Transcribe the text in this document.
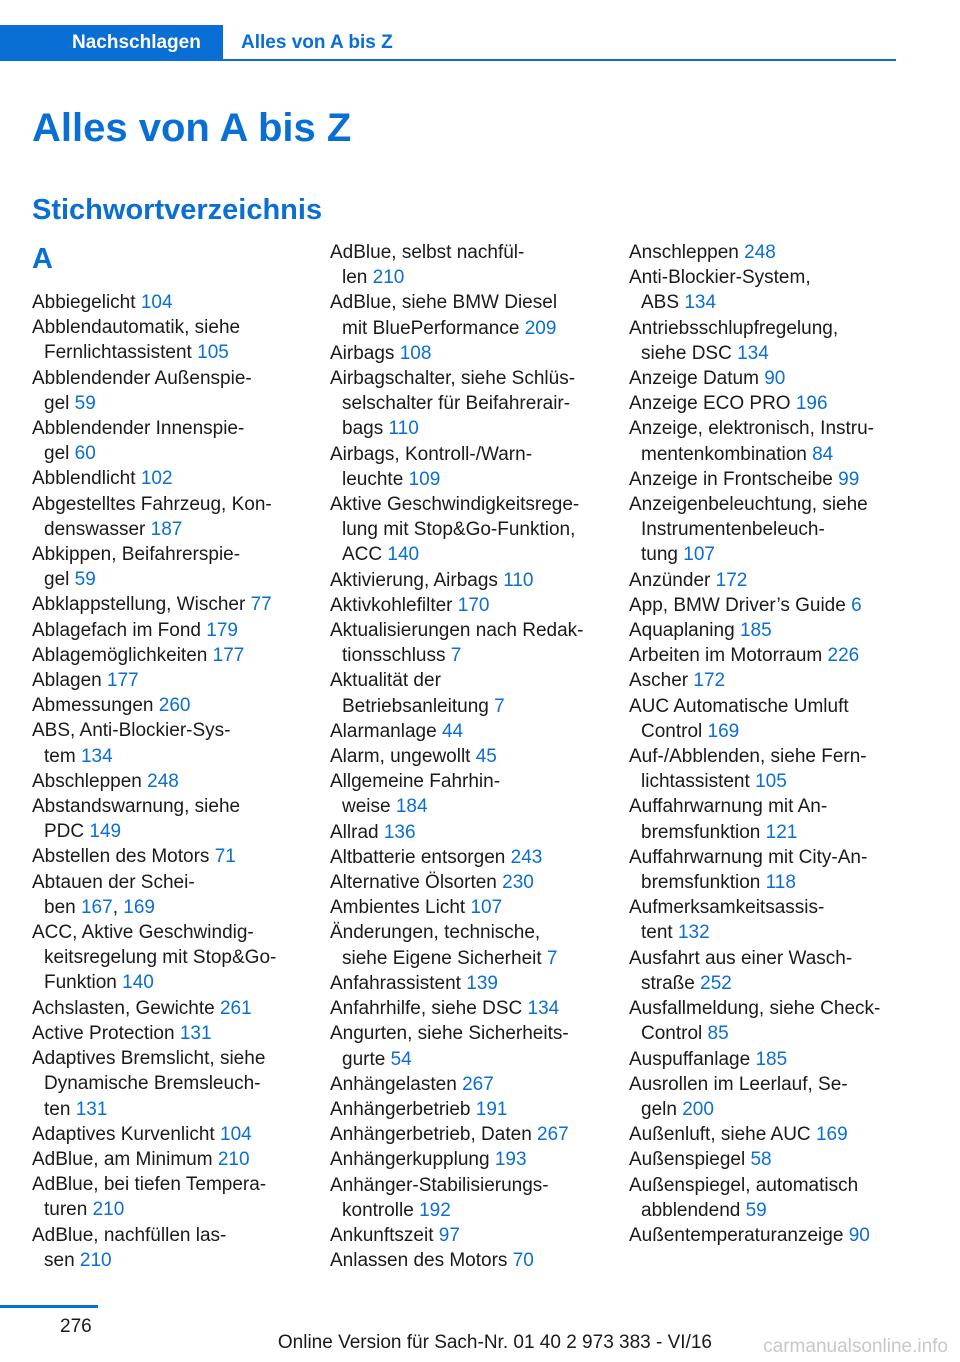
Nachschlagen	Alles von A bis Z
Alles von A bis Z
Stichwortverzeichnis
A
Abbiegelicht 104
Abblendautomatik, siehe
Fernlichtassistent 105
Abblendender Außenspie‐
gel 59
Abblendender Innenspie‐
gel 60
Abblendlicht 102
Abgestelltes Fahrzeug, Kon‐
denswasser 187
Abkippen, Beifahrerspie‐
gel 59
Abklappstellung, Wischer 77
Ablagefach im Fond 179
Ablagemöglichkeiten 177
Ablagen 177
Abmessungen 260
ABS, Anti-Blockier-Sys‐
tem 134
Abschleppen 248
Abstandswarnung, siehe
PDC 149
Abstellen des Motors 71
Abtauen der Schei‐
ben 167, 169
ACC, Aktive Geschwindig‐
keitsregelung mit Stop&Go-
Funktion 140
Achslasten, Gewichte 261
Active Protection 131
Adaptives Bremslicht, siehe
Dynamische Bremsleuch‐
ten 131
Adaptives Kurvenlicht 104
AdBlue, am Minimum 210
AdBlue, bei tiefen Tempera‐
turen 210
AdBlue, nachfüllen las‐
sen 210
AdBlue, selbst nachfül‐
len 210
AdBlue, siehe BMW Diesel
mit BluePerformance 209
Airbags 108
Airbagschalter, siehe Schlüs‐
selschalter für Beifahrerair‐
bags 110
Airbags, Kontroll-/Warn‐
leuchte 109
Aktive Geschwindigkeitsrege‐
lung mit Stop&Go-Funktion,
ACC 140
Aktivierung, Airbags 110
Aktivkohlefilter 170
Aktualisierungen nach Redak‐
tionsschluss 7
Aktualität der
Betriebsanleitung 7
Alarmanlage 44
Alarm, ungewollt 45
Allgemeine Fahrhin‐
weise 184
Allrad 136
Altbatterie entsorgen 243
Alternative Ölsorten 230
Ambientes Licht 107
Änderungen, technische,
siehe Eigene Sicherheit 7
Anfahrassistent 139
Anfahrhilfe, siehe DSC 134
Angurten, siehe Sicherheits‐
gurte 54
Anhängelasten 267
Anhängerbetrieb 191
Anhängerbetrieb, Daten 267
Anhängerkupplung 193
Anhänger-Stabilisierungs‐
kontrolle 192
Ankunftszeit 97
Anlassen des Motors 70
Anschleppen 248
Anti-Blockier-System,
ABS 134
Antriebsschlupfregelung,
siehe DSC 134
Anzeige Datum 90
Anzeige ECO PRO 196
Anzeige, elektronisch, Instru‐
mentenkombination 84
Anzeige in Frontscheibe 99
Anzeigenbeleuchtung, siehe
Instrumentenbeleuch‐
tung 107
Anzünder 172
App, BMW Driver’s Guide 6
Aquaplaning 185
Arbeiten im Motorraum 226
Ascher 172
AUC Automatische Umluft
Control 169
Auf-/Abblenden, siehe Fern‐
lichtassistent 105
Auffahrwarnung mit An‐
bremsfunktion 121
Auffahrwarnung mit City-An‐
bremsfunktion 118
Aufmerksamkeitsassis‐
tent 132
Ausfahrt aus einer Wasch‐
straße 252
Ausfallmeldung, siehe Check-
Control 85
Auspuffanlage 185
Ausrollen im Leerlauf, Se‐
geln 200
Außenluft, siehe AUC 169
Außenspiegel 58
Außenspiegel, automatisch
abblendend 59
Außentemperaturanzeige 90
276
Online Version für Sach-Nr. 01 40 2 973 383 - VI/16	carmanualsonline.info
